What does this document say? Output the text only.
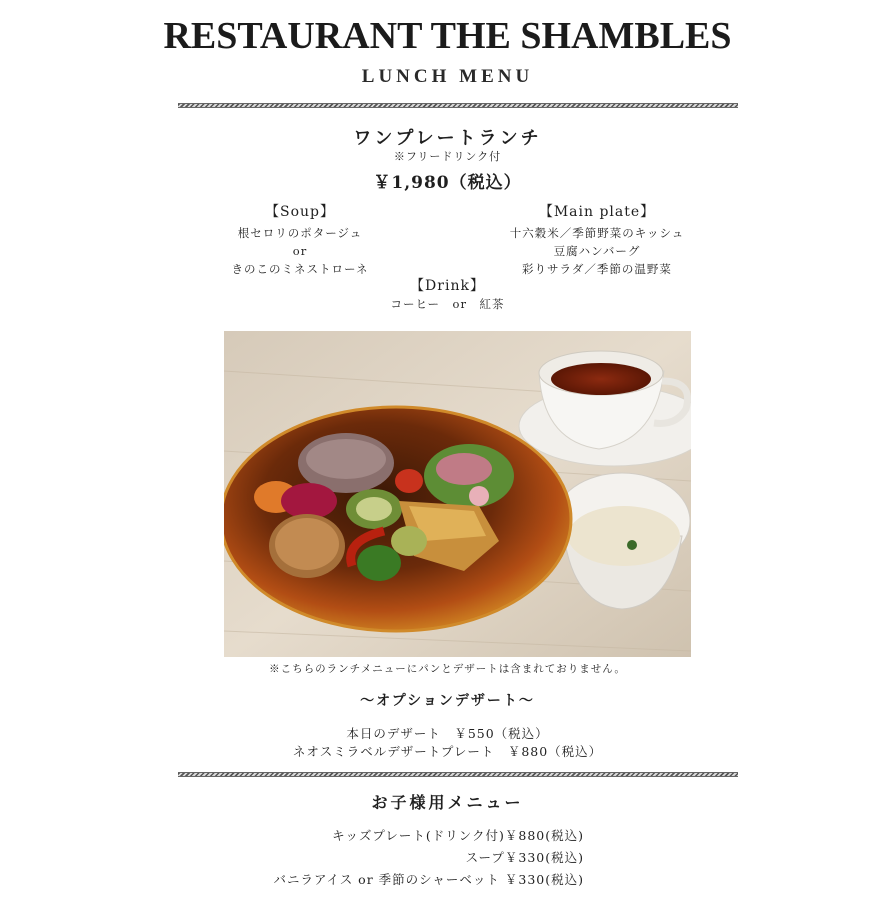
RESTAURANT THE SHAMBLES
LUNCH MENU
ワンプレートランチ
※フリードリンク付
￥1,980（税込）
【Soup】
根セロリのポタージュ
or
きのこのミネストローネ
【Main plate】
十六穀米／季節野菜のキッシュ
豆腐ハンバーグ
彩りサラダ／季節の温野菜
【Drink】
コーヒー　or　紅茶
※こちらのランチメニューにパンとデザートは含まれておりません。
～オプションデザート～
本日のデザート　￥550（税込）
ネオスミラベルデザートプレート　￥880（税込）
お子様用メニュー
キッズプレート(ドリンク付)￥880(税込)
スープ￥330(税込)
バニラアイス or 季節のシャーベット ￥330(税込)
